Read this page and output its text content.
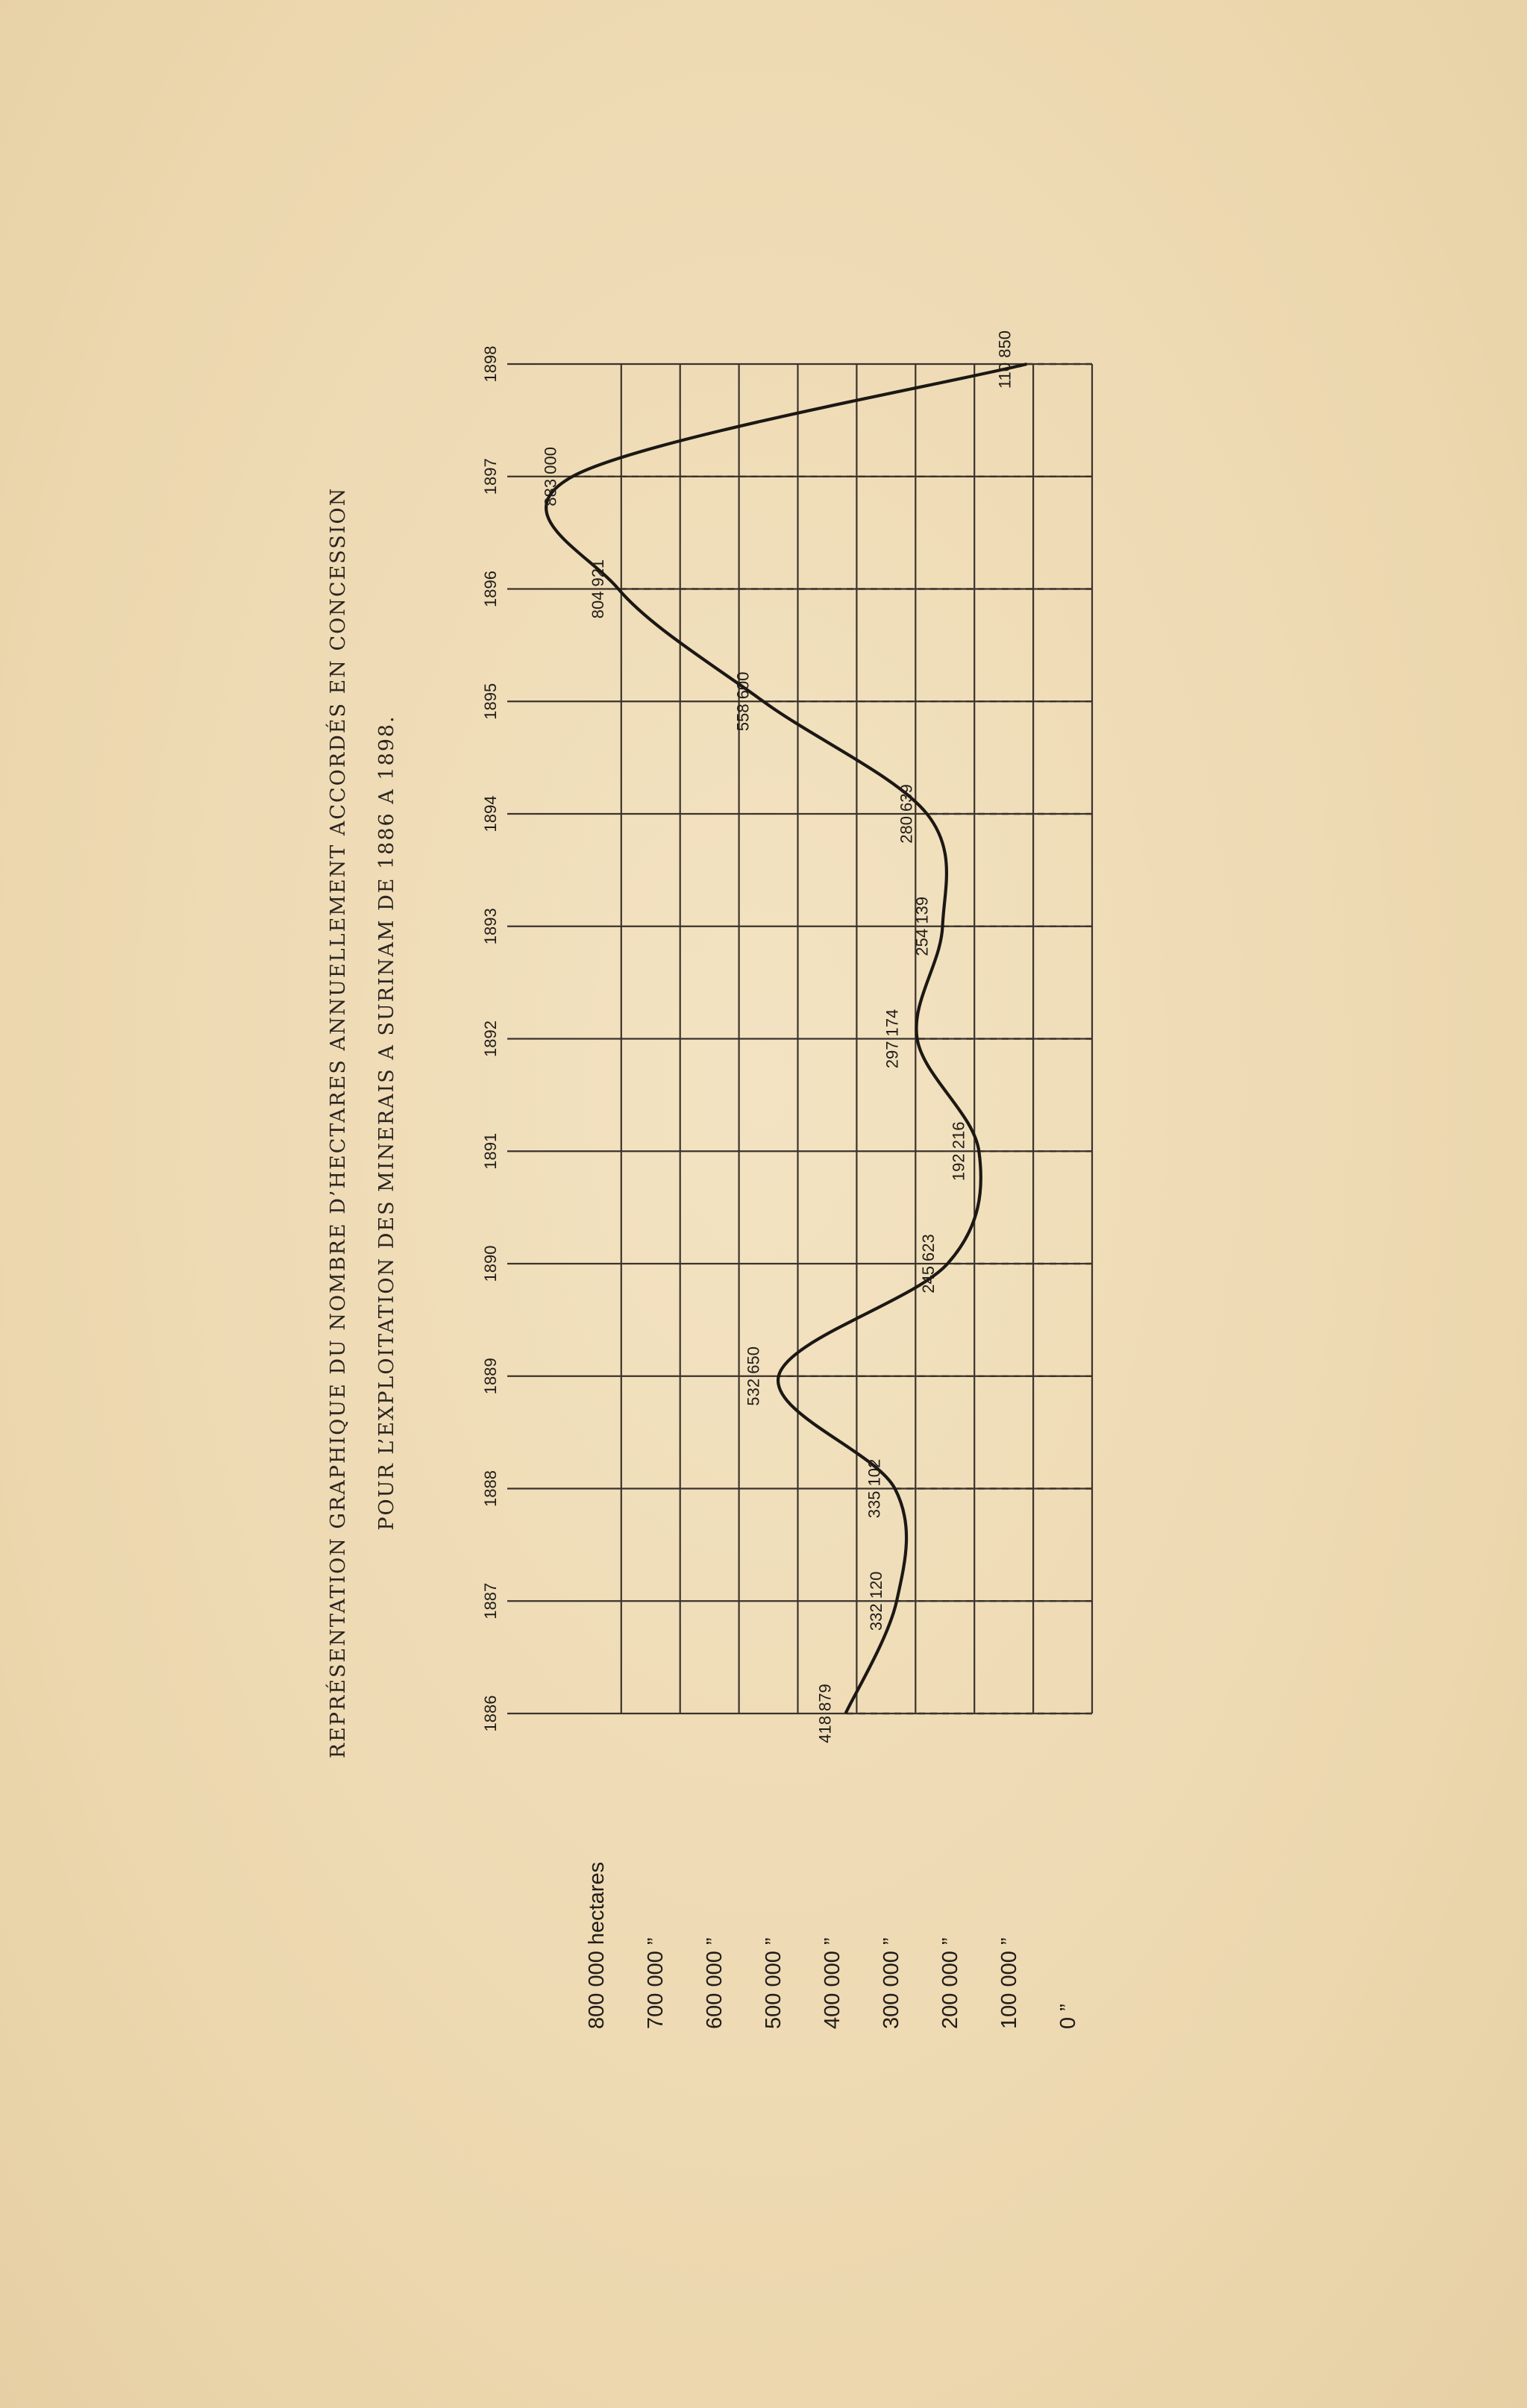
REPRÉSENTATION GRAPHIQUE DU NOMBRE D’HECTARES ANNUELLEMENT ACCORDÉS EN CONCESSION POUR L’EXPLOITATION DES MINERAIS A SURINAM DE 1886 A 1898.
1886
1887
1888
1889
1890
1891
1892
1893
1894
1895
1896
1897
1898
800 000 hectares 700 000 ” 600 000 ” 500 000 ” 400 000 ” 300 000 ” 200 000 ” 100 000 ” 0 ”
418 879
332 120
335 102
532 650
245 623
192 216
297 174
254 139
280 639
558 600
804 921
883 000
110 850
